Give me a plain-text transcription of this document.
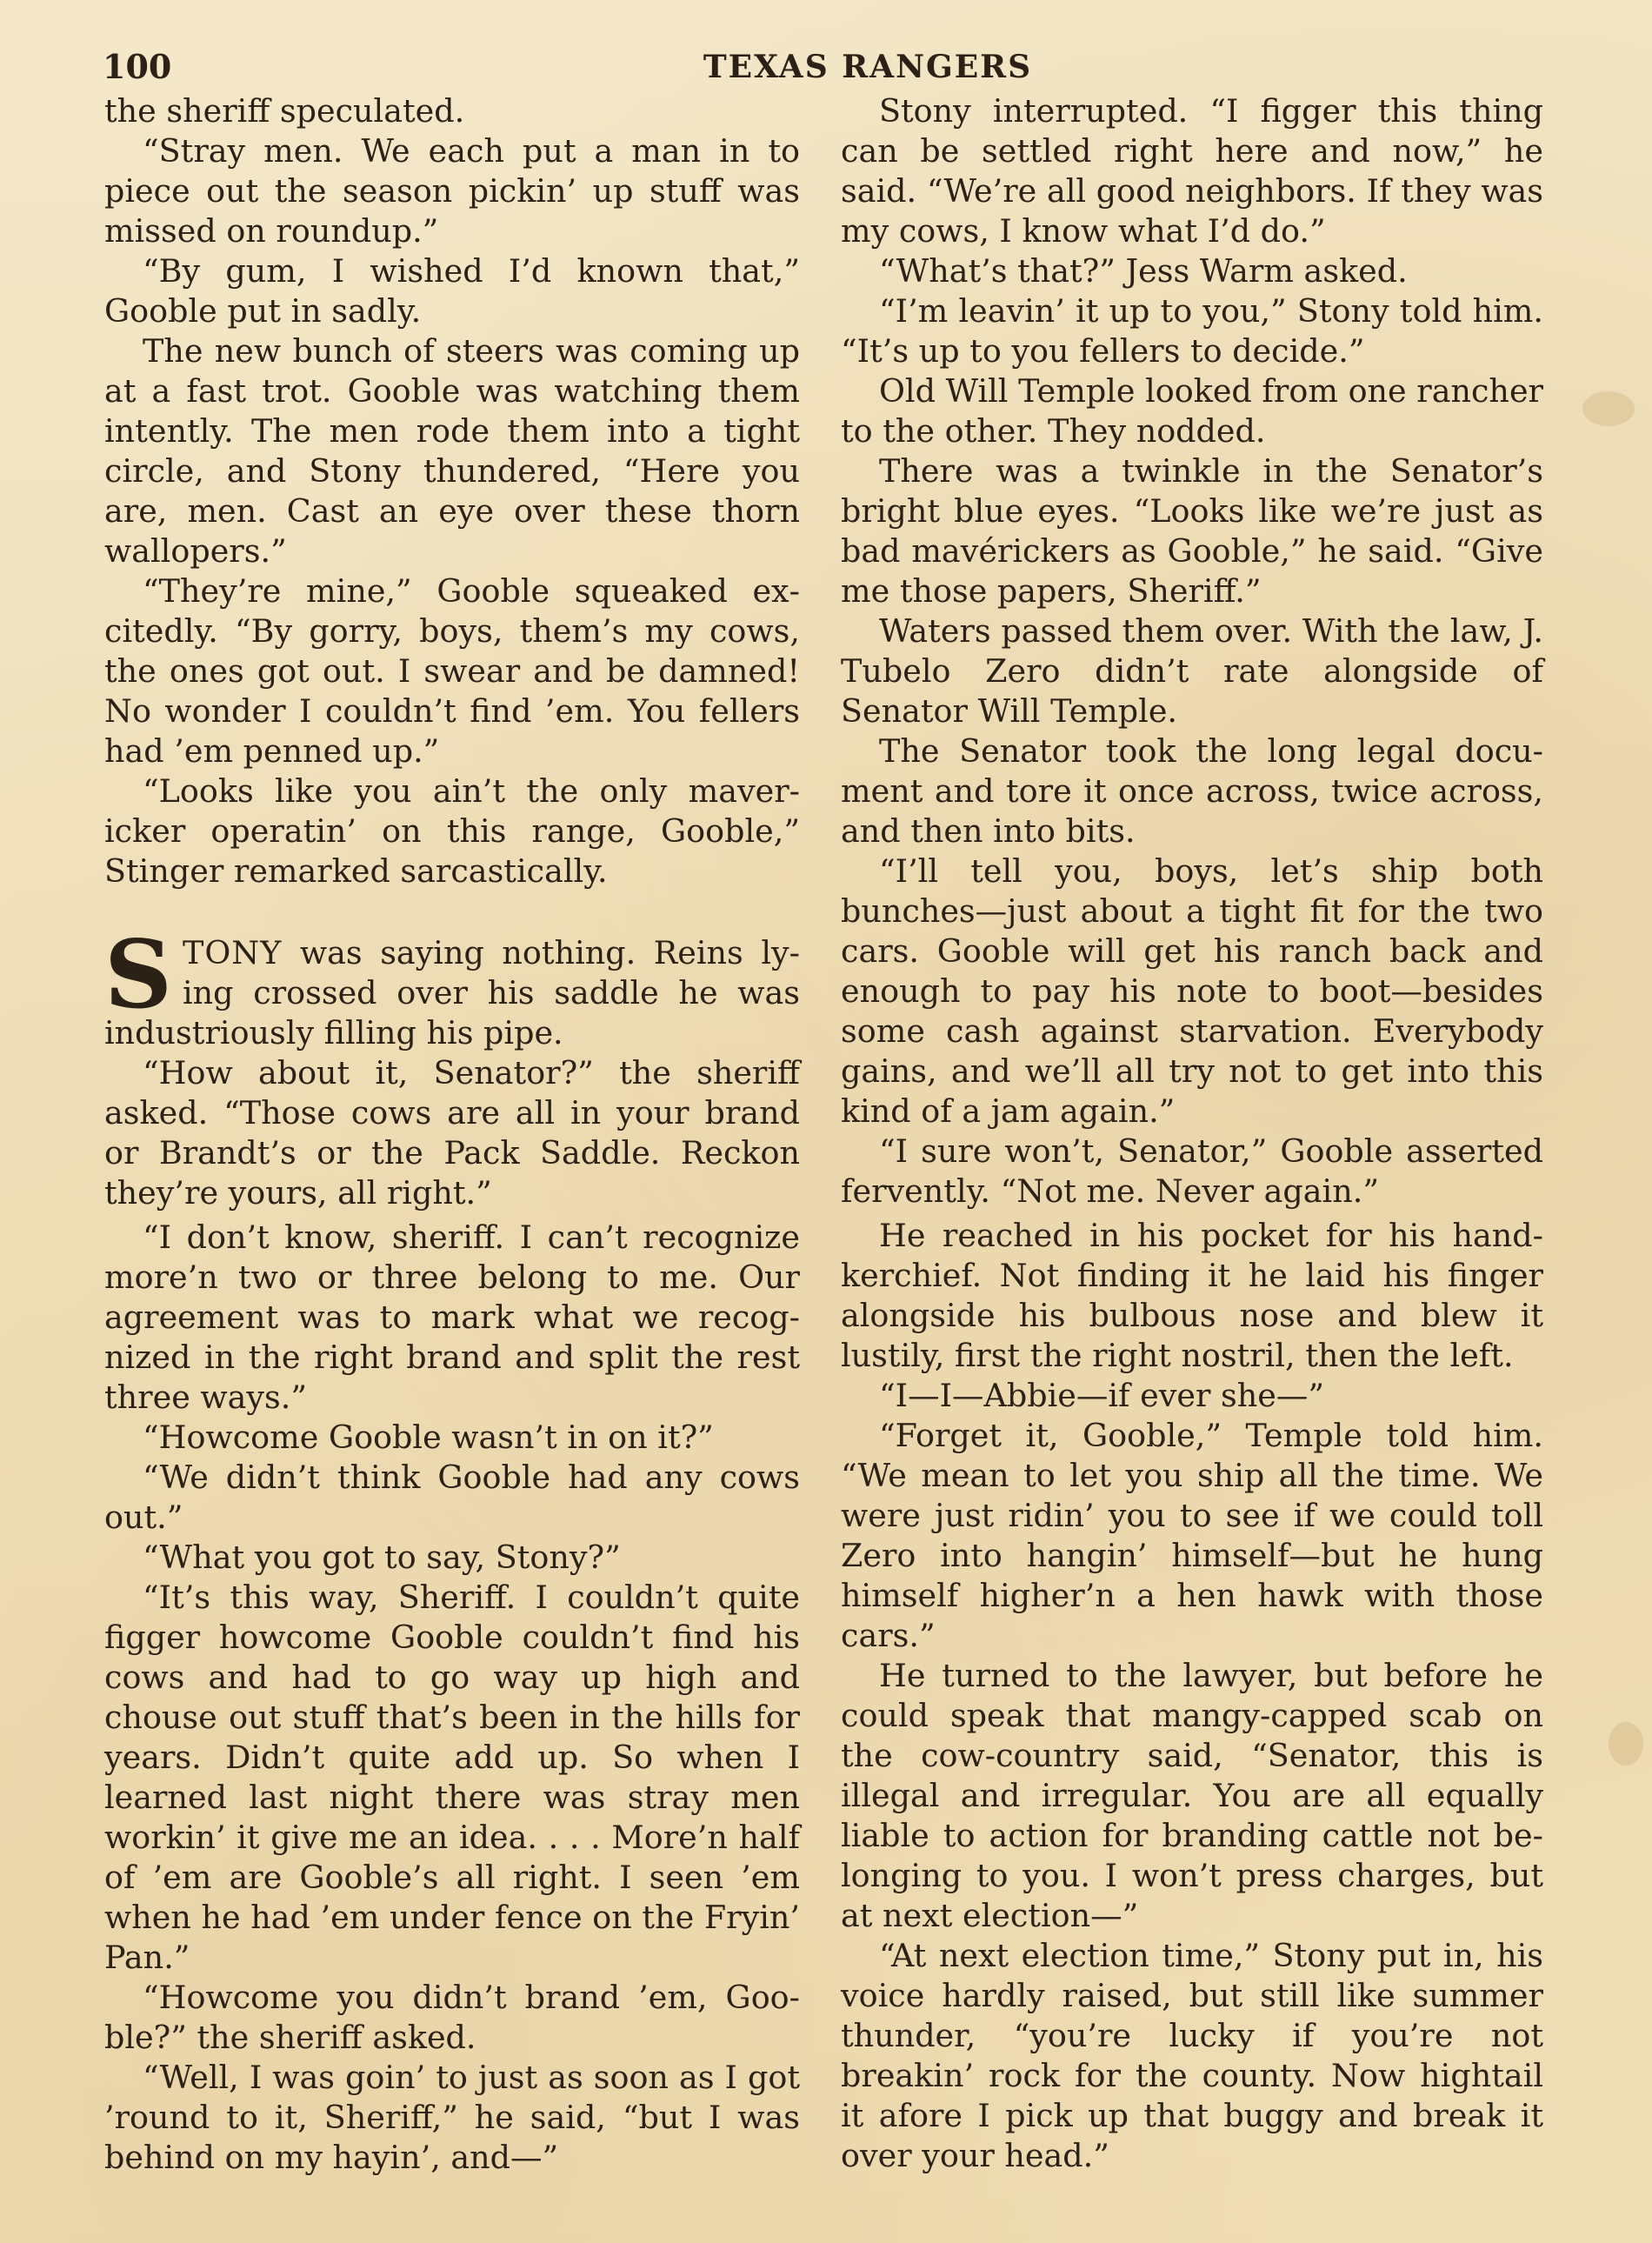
100	TEXAS RANGERS

the sheriff speculated.

“Stray men. We each put a man in to piece out the season pickin’ up stuff was missed on roundup.”

“By gum, I wished I’d known that,” Gooble put in sadly.

The new bunch of steers was coming up at a fast trot. Gooble was watching them intently. The men rode them into a tight circle, and Stony thundered, “Here you are, men. Cast an eye over these thorn wallopers.”

“They’re mine,” Gooble squeaked excitedly. “By gorry, boys, them’s my cows, the ones got out. I swear and be damned! No wonder I couldn’t find ’em. You fellers had ’em penned up.”

“Looks like you ain’t the only mavericker operatin’ on this range, Gooble,” Stinger remarked sarcastically.

STONY was saying nothing. Reins lying crossed over his saddle he was industriously filling his pipe.

“How about it, Senator?” the sheriff asked. “Those cows are all in your brand or Brandt’s or the Pack Saddle. Reckon they’re yours, all right.”

“I don’t know, sheriff. I can’t recognize more’n two or three belong to me. Our agreement was to mark what we recognized in the right brand and split the rest three ways.”

“Howcome Gooble wasn’t in on it?”

“We didn’t think Gooble had any cows out.”

“What you got to say, Stony?”

“It’s this way, Sheriff. I couldn’t quite figger howcome Gooble couldn’t find his cows and had to go way up high and chouse out stuff that’s been in the hills for years. Didn’t quite add up. So when I learned last night there was stray men workin’ it give me an idea. . . . More’n half of ’em are Gooble’s all right. I seen ’em when he had ’em under fence on the Fryin’ Pan.”

“Howcome you didn’t brand ’em, Gooble?” the sheriff asked.

“Well, I was goin’ to just as soon as I got ’round to it, Sheriff,” he said, “but I was behind on my hayin’, and—”

Stony interrupted. “I figger this thing can be settled right here and now,” he said. “We’re all good neighbors. If they was my cows, I know what I’d do.”

“What’s that?” Jess Warm asked.

“I’m leavin’ it up to you,” Stony told him. “It’s up to you fellers to decide.”

Old Will Temple looked from one rancher to the other. They nodded.

There was a twinkle in the Senator’s bright blue eyes. “Looks like we’re just as bad mavérickers as Gooble,” he said. “Give me those papers, Sheriff.”

Waters passed them over. With the law, J. Tubelo Zero didn’t rate alongside of Senator Will Temple.

The Senator took the long legal document and tore it once across, twice across, and then into bits.

“I’ll tell you, boys, let’s ship both bunches—just about a tight fit for the two cars. Gooble will get his ranch back and enough to pay his note to boot—besides some cash against starvation. Everybody gains, and we’ll all try not to get into this kind of a jam again.”

“I sure won’t, Senator,” Gooble asserted fervently. “Not me. Never again.”

He reached in his pocket for his handkerchief. Not finding it he laid his finger alongside his bulbous nose and blew it lustily, first the right nostril, then the left.

“I—I—Abbie—if ever she—”

“Forget it, Gooble,” Temple told him. “We mean to let you ship all the time. We were just ridin’ you to see if we could toll Zero into hangin’ himself—but he hung himself higher’n a hen hawk with those cars.”

He turned to the lawyer, but before he could speak that mangy-capped scab on the cow-country said, “Senator, this is illegal and irregular. You are all equally liable to action for branding cattle not belonging to you. I won’t press charges, but at next election—”

“At next election time,” Stony put in, his voice hardly raised, but still like summer thunder, “you’re lucky if you’re not breakin’ rock for the county. Now hightail it afore I pick up that buggy and break it over your head.”
